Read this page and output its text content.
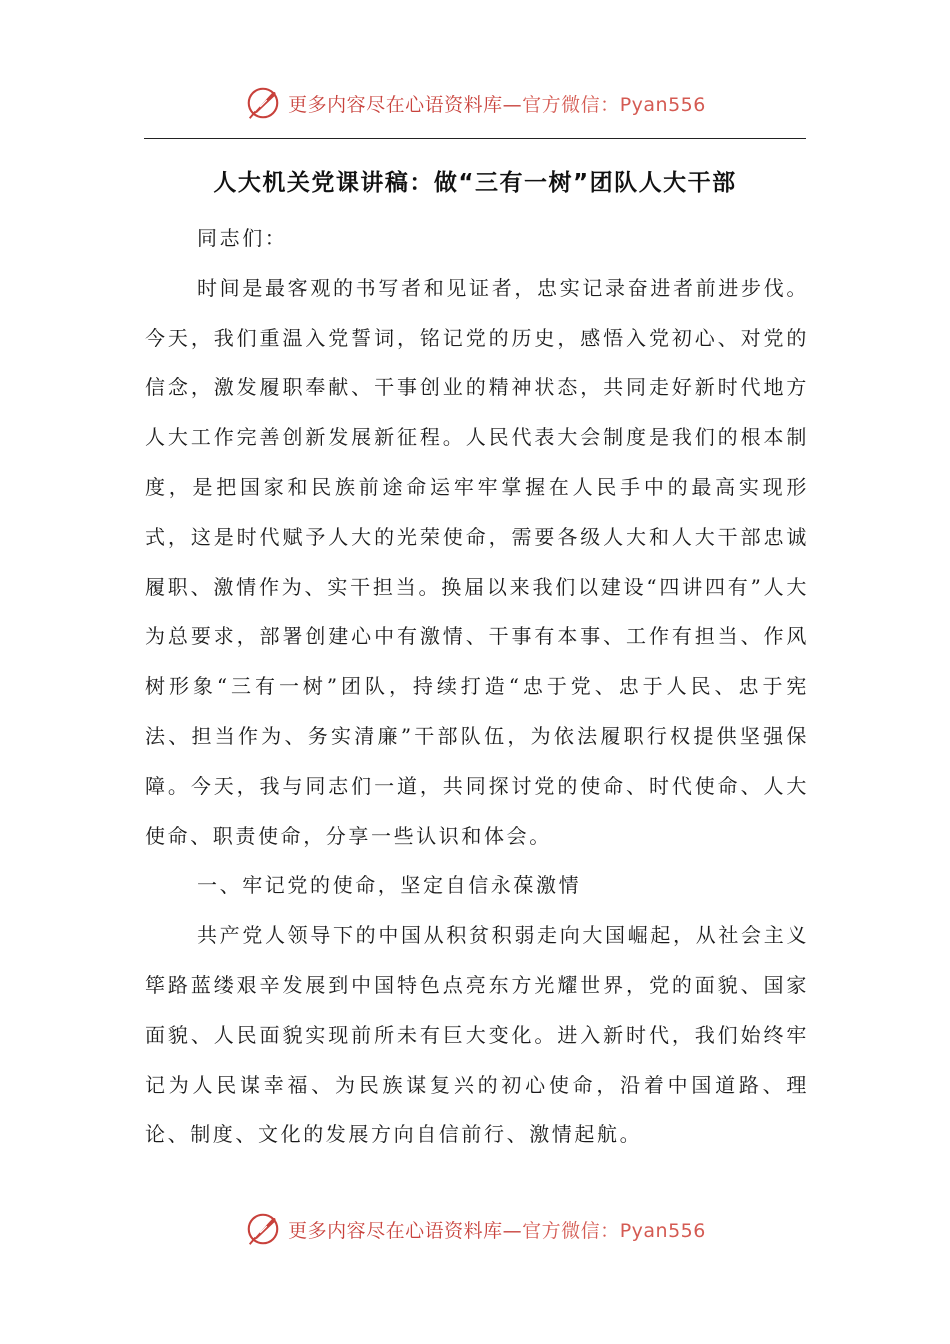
更多内容尽在心语资料库—官方微信：Pyan556
人大机关党课讲稿：做“三有一树”团队人大干部

同志们：

时间是最客观的书写者和见证者，忠实记录奋进者前进步伐。今天，我们重温入党誓词，铭记党的历史，感悟入党初心、对党的信念，激发履职奉献、干事创业的精神状态，共同走好新时代地方人大工作完善创新发展新征程。人民代表大会制度是我们的根本制度，是把国家和民族前途命运牢牢掌握在人民手中的最高实现形式，这是时代赋予人大的光荣使命，需要各级人大和人大干部忠诚履职、激情作为、实干担当。换届以来我们以建设“四讲四有”人大为总要求，部署创建心中有激情、干事有本事、工作有担当、作风树形象“三有一树”团队，持续打造“忠于党、忠于人民、忠于宪法、担当作为、务实清廉”干部队伍，为依法履职行权提供坚强保障。今天，我与同志们一道，共同探讨党的使命、时代使命、人大使命、职责使命，分享一些认识和体会。

一、牢记党的使命，坚定自信永葆激情

共产党人领导下的中国从积贫积弱走向大国崛起，从社会主义筚路蓝缕艰辛发展到中国特色点亮东方光耀世界，党的面貌、国家面貌、人民面貌实现前所未有巨大变化。进入新时代，我们始终牢记为人民谋幸福、为民族谋复兴的初心使命，沿着中国道路、理论、制度、文化的发展方向自信前行、激情起航。

更多内容尽在心语资料库—官方微信：Pyan556
